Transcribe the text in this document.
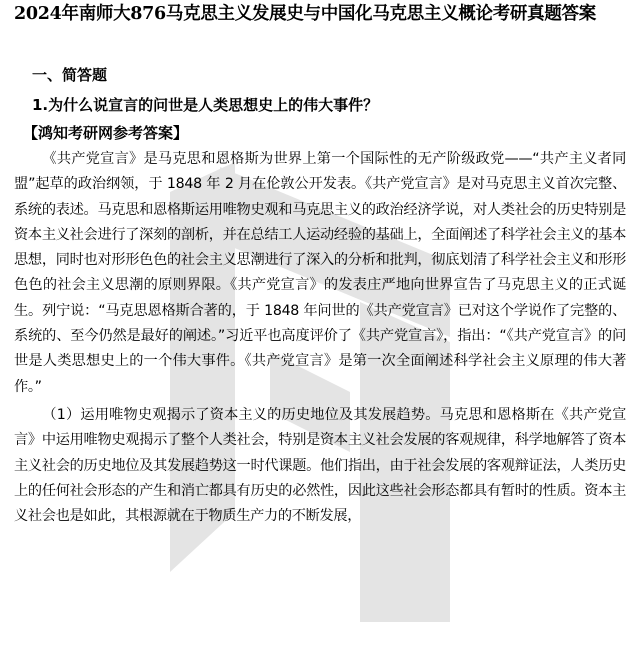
2024年南师大876马克思主义发展史与中国化马克思主义概论考研真题答案
一、简答题
1.为什么说宣言的问世是人类思想史上的伟大事件？
【鸿知考研网参考答案】

《共产党宣言》是马克思和恩格斯为世界上第一个国际性的无产阶级政党——“共产主义者同盟”起草的政治纲领，于 1848 年 2 月在伦敦公开发表。《共产党宣言》是对马克思主义首次完整、系统的表述。马克思和恩格斯运用唯物史观和马克思主义的政治经济学说，对人类社会的历史特别是资本主义社会进行了深刻的剖析，并在总结工人运动经验的基础上，全面阐述了科学社会主义的基本思想，同时也对形形色色的社会主义思潮进行了深入的分析和批判，彻底划清了科学社会主义和形形色色的社会主义思潮的原则界限。《共产党宣言》的发表庄严地向世界宣告了马克思主义的正式诞生。列宁说：“马克思恩格斯合著的，于 1848 年问世的《共产党宣言》已对这个学说作了完整的、系统的、至今仍然是最好的阐述。”习近平也高度评价了《共产党宣言》，指出：“《共产党宣言》的问世是人类思想史上的一个伟大事件。《共产党宣言》是第一次全面阐述科学社会主义原理的伟大著作。”

（1）运用唯物史观揭示了资本主义的历史地位及其发展趋势。马克思和恩格斯在《共产党宣言》中运用唯物史观揭示了整个人类社会，特别是资本主义社会发展的客观规律，科学地解答了资本主义社会的历史地位及其发展趋势这一时代课题。他们指出，由于社会发展的客观辩证法，人类历史上的任何社会形态的产生和消亡都具有历史的必然性，因此这些社会形态都具有暂时的性质。资本主义社会也是如此，其根源就在于物质生产力的不断发展，
